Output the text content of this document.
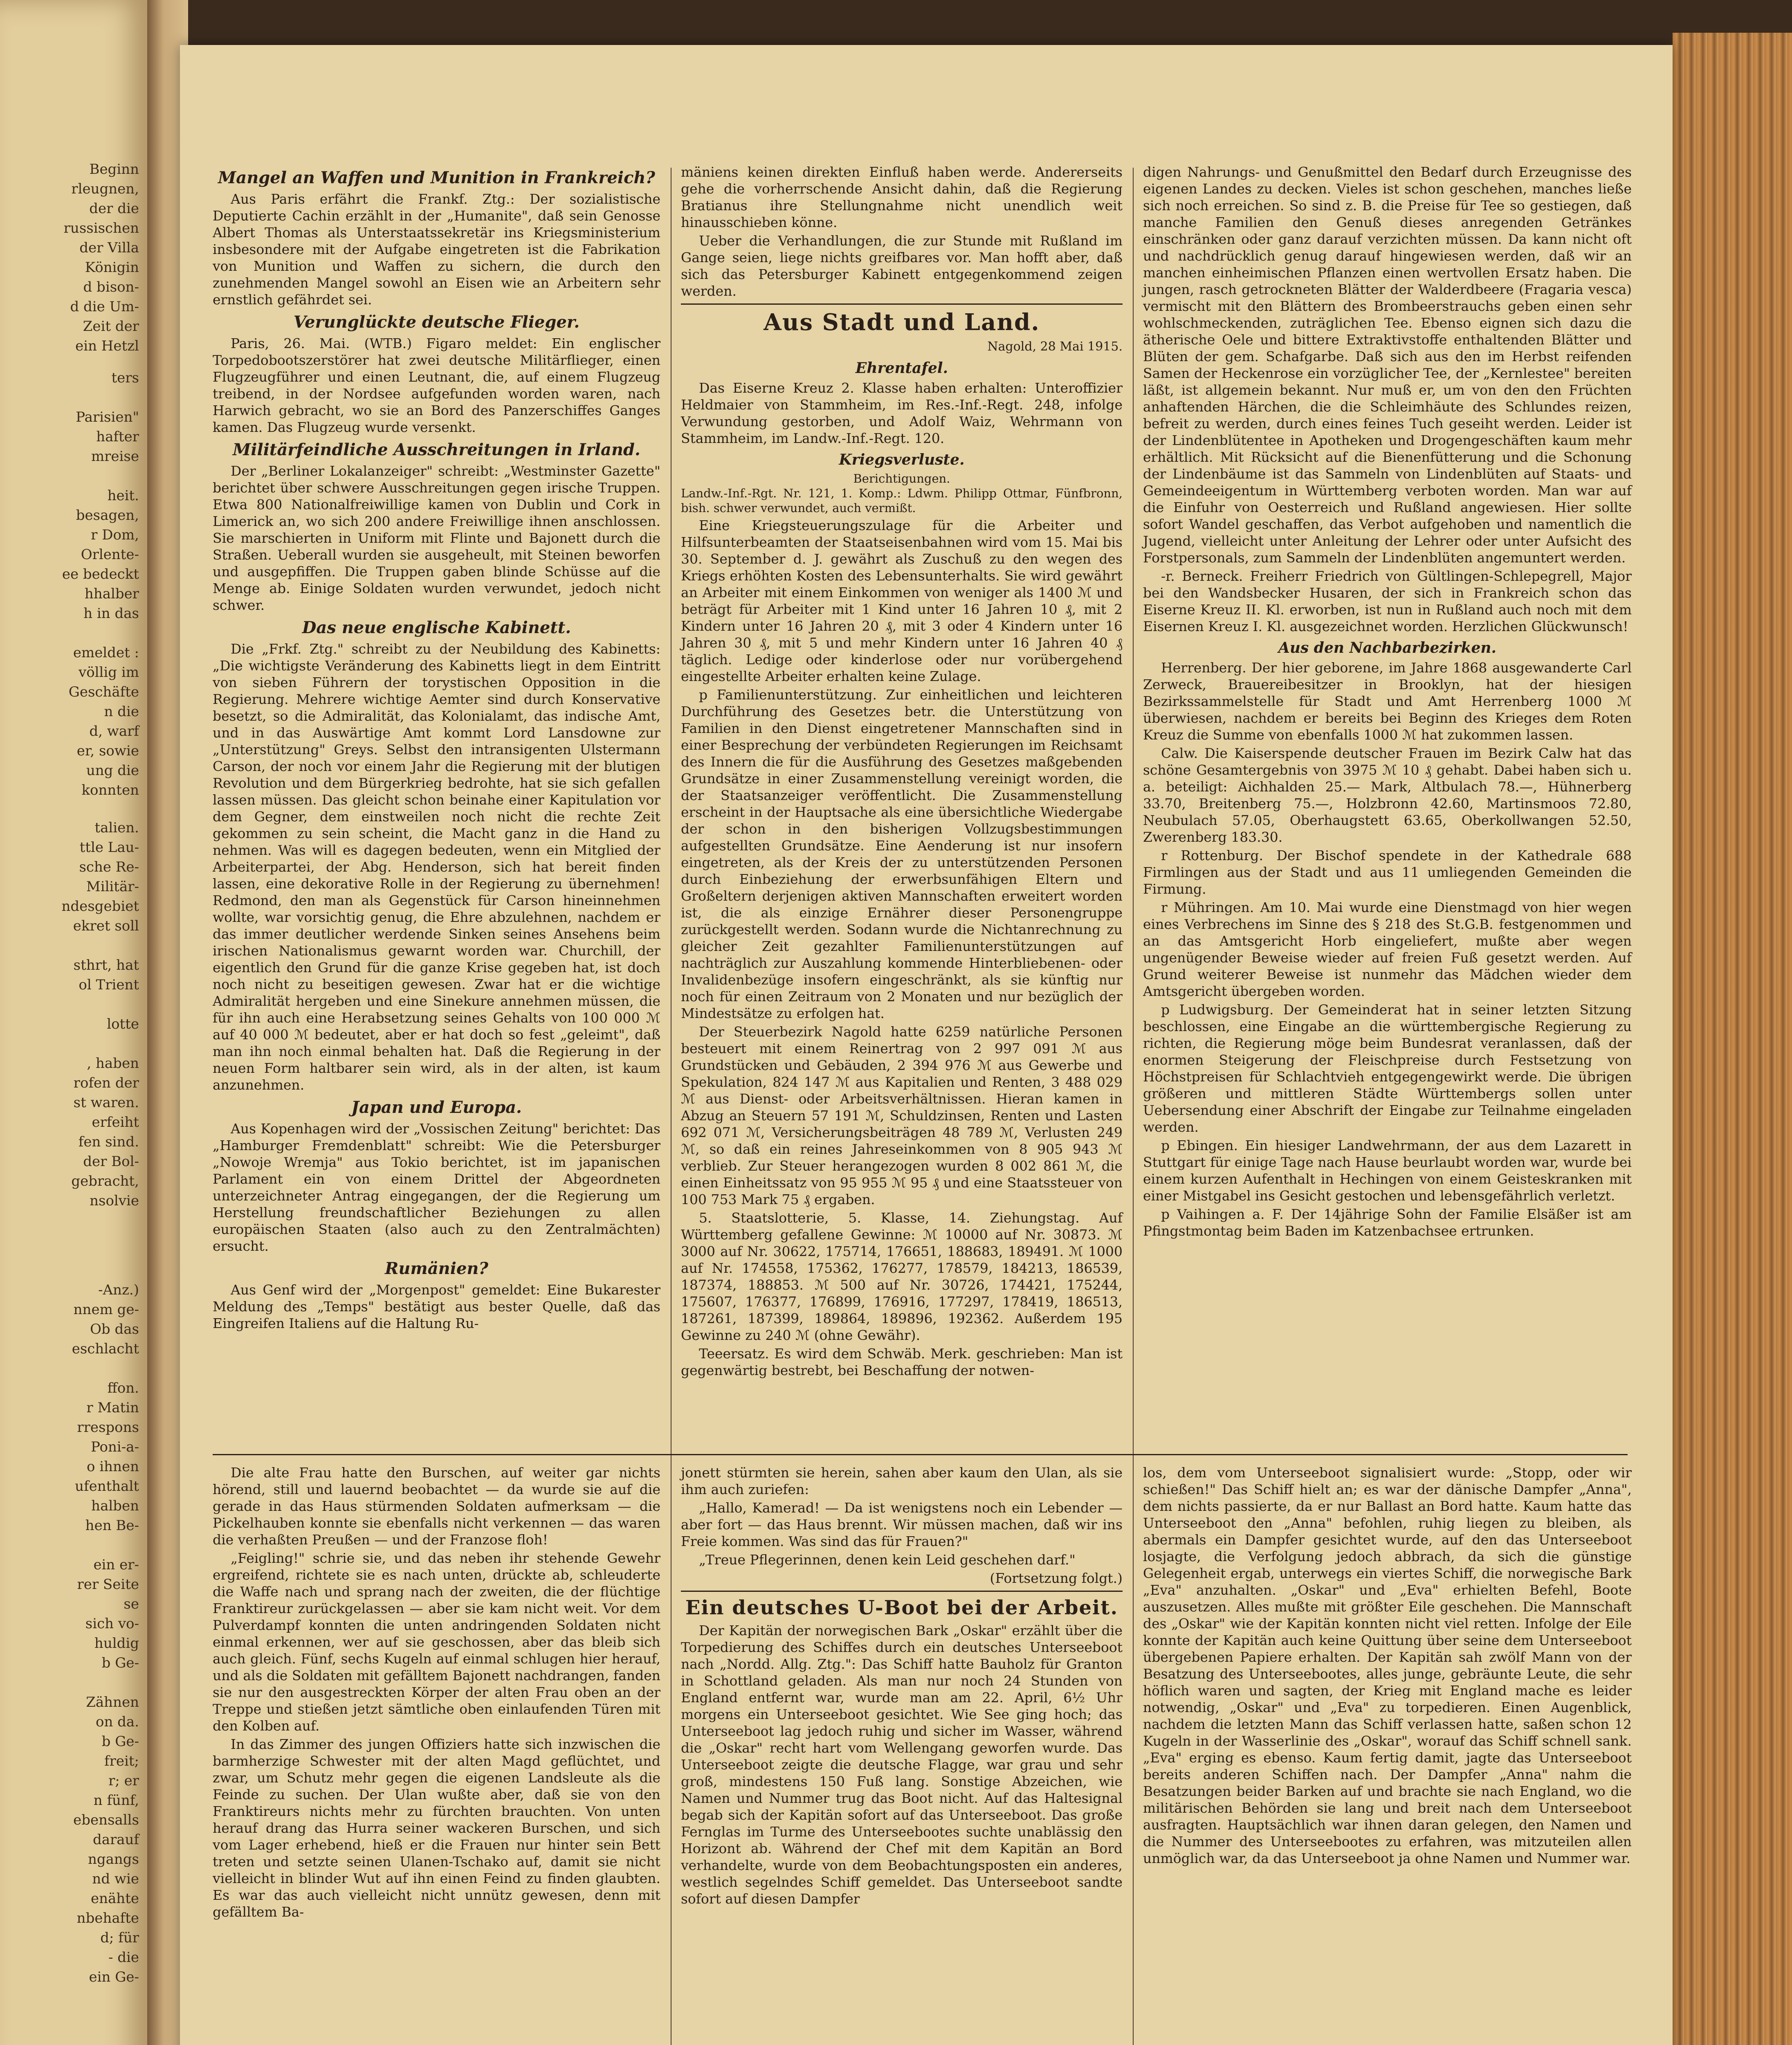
Beginn
rleugnen,
der die
russischen
der Villa
Königin
d bison-
d die Um-
Zeit der
ein Hetzl
ters

Parisien"
hafter
mreise

heit.
besagen,
r Dom,
Orlente-
ee bedeckt
hhalber
h in das

emeldet :
völlig im
Geschäfte
n die
d, warf
er, sowie
ung die
konnten
talien.
ttle Lau-
sche Re-
Militär-
ndesgebiet
ekret soll

sthrt, hat
ol Trient

lotte

, haben
rofen der
st waren.
erfeiht
fen sind.
der Bol-
gebracht,
nsolvie
-Anz.)
nnem ge-
Ob das
eschlacht

ffon.
r Matin
rrespons
Poni-a-
o ihnen
ufenthalt
halben
hen Be-

ein er-
rer Seite
se
sich vo-
huldig
b Ge-

Zähnen
on da.
b Ge-
freit;
r; er
n fünf,
ebensalls
darauf
ngangs
nd wie
enähte
nbehafte
d; für
- die
ein Ge-
Mangel an Waffen und Munition in Frankreich?

Aus Paris erfährt die Frankf. Ztg.: Der sozialistische Deputierte Cachin erzählt in der „Humanite", daß sein Genosse Albert Thomas als Unterstaatssekretär ins Kriegsministerium insbesondere mit der Aufgabe eingetreten ist die Fabrikation von Munition und Waffen zu sichern, die durch den zunehmenden Mangel sowohl an Eisen wie an Arbeitern sehr ernstlich gefährdet sei.

Verunglückte deutsche Flieger.

Paris, 26. Mai. (WTB.) Figaro meldet: Ein englischer Torpedobootszerstörer hat zwei deutsche Militärflieger, einen Flugzeugführer und einen Leutnant, die, auf einem Flugzeug treibend, in der Nordsee aufgefunden worden waren, nach Harwich gebracht, wo sie an Bord des Panzerschiffes Ganges kamen. Das Flugzeug wurde versenkt.

Militärfeindliche Ausschreitungen in Irland.

Der „Berliner Lokalanzeiger" schreibt: „Westminster Gazette" berichtet über schwere Ausschreitungen gegen irische Truppen. Etwa 800 Nationalfreiwillige kamen von Dublin und Cork in Limerick an, wo sich 200 andere Freiwillige ihnen anschlossen. Sie marschierten in Uniform mit Flinte und Bajonett durch die Straßen. Ueberall wurden sie ausgeheult, mit Steinen beworfen und ausgepfiffen. Die Truppen gaben blinde Schüsse auf die Menge ab. Einige Soldaten wurden verwundet, jedoch nicht schwer.

Das neue englische Kabinett.

Die „Frkf. Ztg." schreibt zu der Neubildung des Kabinetts: „Die wichtigste Veränderung des Kabinetts liegt in dem Eintritt von sieben Führern der torystischen Opposition in die Regierung. Mehrere wichtige Aemter sind durch Konservative besetzt, so die Admiralität, das Kolonialamt, das indische Amt, und in das Auswärtige Amt kommt Lord Lansdowne zur „Unterstützung" Greys. Selbst den intransigenten Ulstermann Carson, der noch vor einem Jahr die Regierung mit der blutigen Revolution und dem Bürgerkrieg bedrohte, hat sie sich gefallen lassen müssen. Das gleicht schon beinahe einer Kapitulation vor dem Gegner, dem einstweilen noch nicht die rechte Zeit gekommen zu sein scheint, die Macht ganz in die Hand zu nehmen. Was will es dagegen bedeuten, wenn ein Mitglied der Arbeiterpartei, der Abg. Henderson, sich hat bereit finden lassen, eine dekorative Rolle in der Regierung zu übernehmen! Redmond, den man als Gegenstück für Carson hineinnehmen wollte, war vorsichtig genug, die Ehre abzulehnen, nachdem er das immer deutlicher werdende Sinken seines Ansehens beim irischen Nationalismus gewarnt worden war. Churchill, der eigentlich den Grund für die ganze Krise gegeben hat, ist doch noch nicht zu beseitigen gewesen. Zwar hat er die wichtige Admiralität hergeben und eine Sinekure annehmen müssen, die für ihn auch eine Herabsetzung seines Gehalts von 100 000 ℳ auf 40 000 ℳ bedeutet, aber er hat doch so fest „geleimt", daß man ihn noch einmal behalten hat. Daß die Regierung in der neuen Form haltbarer sein wird, als in der alten, ist kaum anzunehmen.

Japan und Europa.

Aus Kopenhagen wird der „Vossischen Zeitung" berichtet: Das „Hamburger Fremdenblatt" schreibt: Wie die Petersburger „Nowoje Wremja" aus Tokio berichtet, ist im japanischen Parlament ein von einem Drittel der Abgeordneten unterzeichneter Antrag eingegangen, der die Regierung um Herstellung freundschaftlicher Beziehungen zu allen europäischen Staaten (also auch zu den Zentralmächten) ersucht.

Rumänien?

Aus Genf wird der „Morgenpost" gemeldet: Eine Bukarester Meldung des „Temps" bestätigt aus bester Quelle, daß das Eingreifen Italiens auf die Haltung Ru-

mäniens keinen direkten Einfluß haben werde. Andererseits gehe die vorherrschende Ansicht dahin, daß die Regierung Bratianus ihre Stellungnahme nicht unendlich weit hinausschieben könne.

Ueber die Verhandlungen, die zur Stunde mit Rußland im Gange seien, liege nichts greifbares vor. Man hofft aber, daß sich das Petersburger Kabinett entgegenkommend zeigen werden.

Aus Stadt und Land.
Nagold, 28 Mai 1915.
Ehrentafel.

Das Eiserne Kreuz 2. Klasse haben erhalten: Unteroffizier Heldmaier von Stammheim, im Res.-Inf.-Regt. 248, infolge Verwundung gestorben, und Adolf Waiz, Wehrmann von Stammheim, im Landw.-Inf.-Regt. 120.

Kriegsverluste.
Berichtigungen.

Landw.-Inf.-Rgt. Nr. 121, 1. Komp.: Ldwm. Philipp Ottmar, Fünfbronn, bish. schwer verwundet, auch vermißt.

Eine Kriegsteuerungszulage für die Arbeiter und Hilfsunterbeamten der Staatseisenbahnen wird vom 15. Mai bis 30. September d. J. gewährt als Zuschuß zu den wegen des Kriegs erhöhten Kosten des Lebensunterhalts. Sie wird gewährt an Arbeiter mit einem Einkommen von weniger als 1400 ℳ und beträgt für Arbeiter mit 1 Kind unter 16 Jahren 10 ₰, mit 2 Kindern unter 16 Jahren 20 ₰, mit 3 oder 4 Kindern unter 16 Jahren 30 ₰, mit 5 und mehr Kindern unter 16 Jahren 40 ₰ täglich. Ledige oder kinderlose oder nur vorübergehend eingestellte Arbeiter erhalten keine Zulage.

p Familienunterstützung. Zur einheitlichen und leichteren Durchführung des Gesetzes betr. die Unterstützung von Familien in den Dienst eingetretener Mannschaften sind in einer Besprechung der verbündeten Regierungen im Reichsamt des Innern die für die Ausführung des Gesetzes maßgebenden Grundsätze in einer Zusammenstellung vereinigt worden, die der Staatsanzeiger veröffentlicht. Die Zusammenstellung erscheint in der Hauptsache als eine übersichtliche Wiedergabe der schon in den bisherigen Vollzugsbestimmungen aufgestellten Grundsätze. Eine Aenderung ist nur insofern eingetreten, als der Kreis der zu unterstützenden Personen durch Einbeziehung der erwerbsunfähigen Eltern und Großeltern derjenigen aktiven Mannschaften erweitert worden ist, die als einzige Ernährer dieser Personengruppe zurückgestellt werden. Sodann wurde die Nichtanrechnung zu gleicher Zeit gezahlter Familienunterstützungen auf nachträglich zur Auszahlung kommende Hinterbliebenen- oder Invalidenbezüge insofern eingeschränkt, als sie künftig nur noch für einen Zeitraum von 2 Monaten und nur bezüglich der Mindestsätze zu erfolgen hat.

Der Steuerbezirk Nagold hatte 6259 natürliche Personen besteuert mit einem Reinertrag von 2 997 091 ℳ aus Grundstücken und Gebäuden, 2 394 976 ℳ aus Gewerbe und Spekulation, 824 147 ℳ aus Kapitalien und Renten, 3 488 029 ℳ aus Dienst- oder Arbeitsverhältnissen. Hieran kamen in Abzug an Steuern 57 191 ℳ, Schuldzinsen, Renten und Lasten 692 071 ℳ, Versicherungsbeiträgen 48 789 ℳ, Verlusten 249 ℳ, so daß ein reines Jahreseinkommen von 8 905 943 ℳ verblieb. Zur Steuer herangezogen wurden 8 002 861 ℳ, die einen Einheitssatz von 95 955 ℳ 95 ₰ und eine Staatssteuer von 100 753 Mark 75 ₰ ergaben.

5. Staatslotterie, 5. Klasse, 14. Ziehungstag. Auf Württemberg gefallene Gewinne: ℳ 10000 auf Nr. 30873. ℳ 3000 auf Nr. 30622, 175714, 176651, 188683, 189491. ℳ 1000 auf Nr. 174558, 175362, 176277, 178579, 184213, 186539, 187374, 188853. ℳ 500 auf Nr. 30726, 174421, 175244, 175607, 176377, 176899, 176916, 177297, 178419, 186513, 187261, 187399, 189864, 189896, 192362. Außerdem 195 Gewinne zu 240 ℳ (ohne Gewähr).

Teeersatz. Es wird dem Schwäb. Merk. geschrieben: Man ist gegenwärtig bestrebt, bei Beschaffung der notwen-

digen Nahrungs- und Genußmittel den Bedarf durch Erzeugnisse des eigenen Landes zu decken. Vieles ist schon geschehen, manches ließe sich noch erreichen. So sind z. B. die Preise für Tee so gestiegen, daß manche Familien den Genuß dieses anregenden Getränkes einschränken oder ganz darauf verzichten müssen. Da kann nicht oft und nachdrücklich genug darauf hingewiesen werden, daß wir an manchen einheimischen Pflanzen einen wertvollen Ersatz haben. Die jungen, rasch getrockneten Blätter der Walderdbeere (Fragaria vesca) vermischt mit den Blättern des Brombeerstrauchs geben einen sehr wohlschmeckenden, zuträglichen Tee. Ebenso eignen sich dazu die ätherische Oele und bittere Extraktivstoffe enthaltenden Blätter und Blüten der gem. Schafgarbe. Daß sich aus den im Herbst reifenden Samen der Heckenrose ein vorzüglicher Tee, der „Kernlestee" bereiten läßt, ist allgemein bekannt. Nur muß er, um von den den Früchten anhaftenden Härchen, die die Schleimhäute des Schlundes reizen, befreit zu werden, durch eines feines Tuch geseiht werden. Leider ist der Lindenblütentee in Apotheken und Drogengeschäften kaum mehr erhältlich. Mit Rücksicht auf die Bienenfütterung und die Schonung der Lindenbäume ist das Sammeln von Lindenblüten auf Staats- und Gemeindeeigentum in Württemberg verboten worden. Man war auf die Einfuhr von Oesterreich und Rußland angewiesen. Hier sollte sofort Wandel geschaffen, das Verbot aufgehoben und namentlich die Jugend, vielleicht unter Anleitung der Lehrer oder unter Aufsicht des Forstpersonals, zum Sammeln der Lindenblüten angemuntert werden.

-r. Berneck. Freiherr Friedrich von Gültlingen-Schlepegrell, Major bei den Wandsbecker Husaren, der sich in Frankreich schon das Eiserne Kreuz II. Kl. erworben, ist nun in Rußland auch noch mit dem Eisernen Kreuz I. Kl. ausgezeichnet worden. Herzlichen Glückwunsch!

Aus den Nachbarbezirken.

Herrenberg. Der hier geborene, im Jahre 1868 ausgewanderte Carl Zerweck, Brauereibesitzer in Brooklyn, hat der hiesigen Bezirkssammelstelle für Stadt und Amt Herrenberg 1000 ℳ überwiesen, nachdem er bereits bei Beginn des Krieges dem Roten Kreuz die Summe von ebenfalls 1000 ℳ hat zukommen lassen.

Calw. Die Kaiserspende deutscher Frauen im Bezirk Calw hat das schöne Gesamtergebnis von 3975 ℳ 10 ₰ gehabt. Dabei haben sich u. a. beteiligt: Aichhalden 25.— Mark, Altbulach 78.—, Hühnerberg 33.70, Breitenberg 75.—, Holzbronn 42.60, Martinsmoos 72.80, Neubulach 57.05, Oberhaugstett 63.65, Oberkollwangen 52.50, Zwerenberg 183.30.

r Rottenburg. Der Bischof spendete in der Kathedrale 688 Firmlingen aus der Stadt und aus 11 umliegenden Gemeinden die Firmung.

r Mühringen. Am 10. Mai wurde eine Dienstmagd von hier wegen eines Verbrechens im Sinne des § 218 des St.G.B. festgenommen und an das Amtsgericht Horb eingeliefert, mußte aber wegen ungenügender Beweise wieder auf freien Fuß gesetzt werden. Auf Grund weiterer Beweise ist nunmehr das Mädchen wieder dem Amtsgericht übergeben worden.

p Ludwigsburg. Der Gemeinderat hat in seiner letzten Sitzung beschlossen, eine Eingabe an die württembergische Regierung zu richten, die Regierung möge beim Bundesrat veranlassen, daß der enormen Steigerung der Fleischpreise durch Festsetzung von Höchstpreisen für Schlachtvieh entgegengewirkt werde. Die übrigen größeren und mittleren Städte Württembergs sollen unter Uebersendung einer Abschrift der Eingabe zur Teilnahme eingeladen werden.

p Ebingen. Ein hiesiger Landwehrmann, der aus dem Lazarett in Stuttgart für einige Tage nach Hause beurlaubt worden war, wurde bei einem kurzen Aufenthalt in Hechingen von einem Geisteskranken mit einer Mistgabel ins Gesicht gestochen und lebensgefährlich verletzt.

p Vaihingen a. F. Der 14jährige Sohn der Familie Elsäßer ist am Pfingstmontag beim Baden im Katzenbachsee ertrunken.

Die alte Frau hatte den Burschen, auf weiter gar nichts hörend, still und lauernd beobachtet — da wurde sie auf die gerade in das Haus stürmenden Soldaten aufmerksam — die Pickelhauben konnte sie ebenfalls nicht verkennen — das waren die verhaßten Preußen — und der Franzose floh!

„Feigling!" schrie sie, und das neben ihr stehende Gewehr ergreifend, richtete sie es nach unten, drückte ab, schleuderte die Waffe nach und sprang nach der zweiten, die der flüchtige Franktireur zurückgelassen — aber sie kam nicht weit. Vor dem Pulverdampf konnten die unten andringenden Soldaten nicht einmal erkennen, wer auf sie geschossen, aber das bleib sich auch gleich. Fünf, sechs Kugeln auf einmal schlugen hier herauf, und als die Soldaten mit gefälltem Bajonett nachdrangen, fanden sie nur den ausgestreckten Körper der alten Frau oben an der Treppe und stießen jetzt sämtliche oben einlaufenden Türen mit den Kolben auf.

In das Zimmer des jungen Offiziers hatte sich inzwischen die barmherzige Schwester mit der alten Magd geflüchtet, und zwar, um Schutz mehr gegen die eigenen Landsleute als die Feinde zu suchen. Der Ulan wußte aber, daß sie von den Franktireurs nichts mehr zu fürchten brauchten. Von unten herauf drang das Hurra seiner wackeren Burschen, und sich vom Lager erhebend, hieß er die Frauen nur hinter sein Bett treten und setzte seinen Ulanen-Tschako auf, damit sie nicht vielleicht in blinder Wut auf ihn einen Feind zu finden glaubten. Es war das auch vielleicht nicht unnütz gewesen, denn mit gefälltem Ba-

jonett stürmten sie herein, sahen aber kaum den Ulan, als sie ihm auch zuriefen:

„Hallo, Kamerad! — Da ist wenigstens noch ein Lebender — aber fort — das Haus brennt. Wir müssen machen, daß wir ins Freie kommen. Was sind das für Frauen?"

„Treue Pflegerinnen, denen kein Leid geschehen darf."

(Fortsetzung folgt.)
Ein deutsches U-Boot bei der Arbeit.

Der Kapitän der norwegischen Bark „Oskar" erzählt über die Torpedierung des Schiffes durch ein deutsches Unterseeboot nach „Nordd. Allg. Ztg.": Das Schiff hatte Bauholz für Granton in Schottland geladen. Als man nur noch 24 Stunden von England entfernt war, wurde man am 22. April, 6½ Uhr morgens ein Unterseeboot gesichtet. Wie See ging hoch; das Unterseeboot lag jedoch ruhig und sicher im Wasser, während die „Oskar" recht hart vom Wellengang geworfen wurde. Das Unterseeboot zeigte die deutsche Flagge, war grau und sehr groß, mindestens 150 Fuß lang. Sonstige Abzeichen, wie Namen und Nummer trug das Boot nicht. Auf das Haltesignal begab sich der Kapitän sofort auf das Unterseeboot. Das große Fernglas im Turme des Unterseebootes suchte unablässig den Horizont ab. Während der Chef mit dem Kapitän an Bord verhandelte, wurde von dem Beobachtungsposten ein anderes, westlich segelndes Schiff gemeldet. Das Unterseeboot sandte sofort auf diesen Dampfer

los, dem vom Unterseeboot signalisiert wurde: „Stopp, oder wir schießen!" Das Schiff hielt an; es war der dänische Dampfer „Anna", dem nichts passierte, da er nur Ballast an Bord hatte. Kaum hatte das Unterseeboot den „Anna" befohlen, ruhig liegen zu bleiben, als abermals ein Dampfer gesichtet wurde, auf den das Unterseeboot losjagte, die Verfolgung jedoch abbrach, da sich die günstige Gelegenheit ergab, unterwegs ein viertes Schiff, die norwegische Bark „Eva" anzuhalten. „Oskar" und „Eva" erhielten Befehl, Boote auszusetzen. Alles mußte mit größter Eile geschehen. Die Mannschaft des „Oskar" wie der Kapitän konnten nicht viel retten. Infolge der Eile konnte der Kapitän auch keine Quittung über seine dem Unterseeboot übergebenen Papiere erhalten. Der Kapitän sah zwölf Mann von der Besatzung des Unterseebootes, alles junge, gebräunte Leute, die sehr höflich waren und sagten, der Krieg mit England mache es leider notwendig, „Oskar" und „Eva" zu torpedieren. Einen Augenblick, nachdem die letzten Mann das Schiff verlassen hatte, saßen schon 12 Kugeln in der Wasserlinie des „Oskar", worauf das Schiff schnell sank. „Eva" erging es ebenso. Kaum fertig damit, jagte das Unterseeboot bereits anderen Schiffen nach. Der Dampfer „Anna" nahm die Besatzungen beider Barken auf und brachte sie nach England, wo die militärischen Behörden sie lang und breit nach dem Unterseeboot ausfragten. Hauptsächlich war ihnen daran gelegen, den Namen und die Nummer des Unterseebootes zu erfahren, was mitzuteilen allen unmöglich war, da das Unterseeboot ja ohne Namen und Nummer war.
